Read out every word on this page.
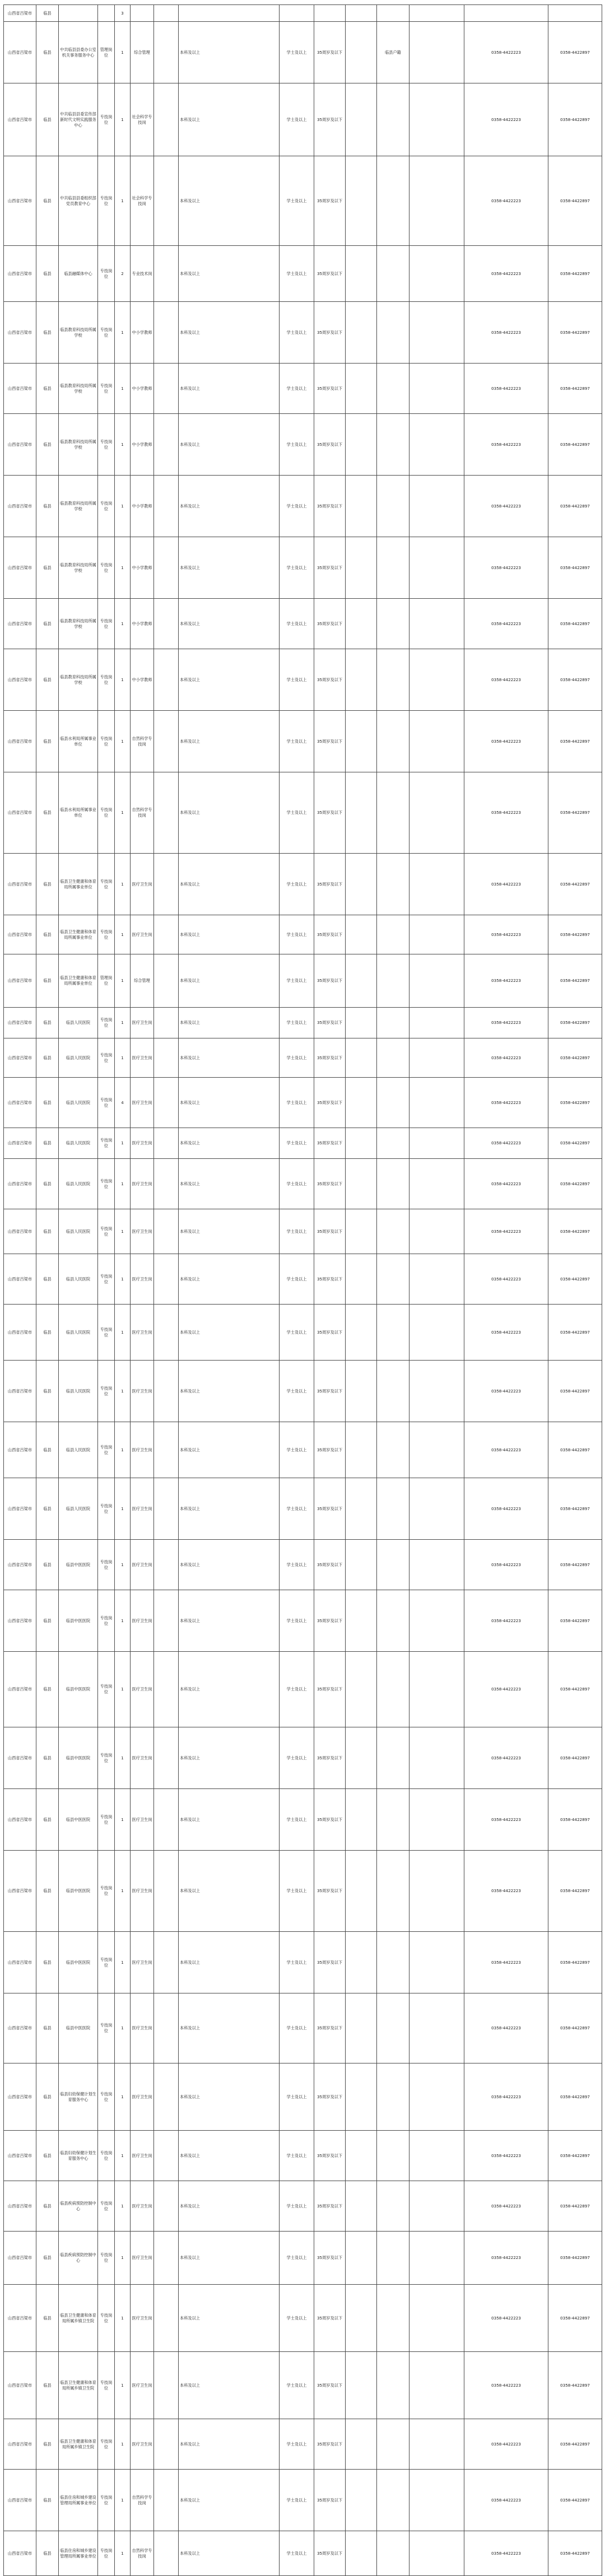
山西省吕梁市	临县			3										
山西省吕梁市	临县	中共临县县委办公室机关事务服务中心	管理岗位	1	综合管理		本科及以上	学士及以上	35周岁及以下		临县户籍		0358-4422223	0358-4422897
山西省吕梁市	临县	中共临县县委宣传部新时代文明实践服务中心	专技岗位	1	社会科学专技岗		本科及以上	学士及以上	35周岁及以下				0358-4422223	0358-4422897
山西省吕梁市	临县	中共临县县委组织部党员教育中心	专技岗位	1	社会科学专技岗		本科及以上	学士及以上	35周岁及以下				0358-4422223	0358-4422897
山西省吕梁市	临县	临县融媒体中心	专技岗位	2	专业技术岗		本科及以上	学士及以上	35周岁及以下				0358-4422223	0358-4422897
山西省吕梁市	临县	临县教育科技局所属学校	专技岗位	1	中小学教师		本科及以上	学士及以上	35周岁及以下				0358-4422223	0358-4422897
山西省吕梁市	临县	临县教育科技局所属学校	专技岗位	1	中小学教师		本科及以上	学士及以上	35周岁及以下				0358-4422223	0358-4422897
山西省吕梁市	临县	临县教育科技局所属学校	专技岗位	1	中小学教师		本科及以上	学士及以上	35周岁及以下				0358-4422223	0358-4422897
山西省吕梁市	临县	临县教育科技局所属学校	专技岗位	1	中小学教师		本科及以上	学士及以上	35周岁及以下				0358-4422223	0358-4422897
山西省吕梁市	临县	临县教育科技局所属学校	专技岗位	1	中小学教师		本科及以上	学士及以上	35周岁及以下				0358-4422223	0358-4422897
山西省吕梁市	临县	临县教育科技局所属学校	专技岗位	1	中小学教师		本科及以上	学士及以上	35周岁及以下				0358-4422223	0358-4422897
山西省吕梁市	临县	临县教育科技局所属学校	专技岗位	1	中小学教师		本科及以上	学士及以上	35周岁及以下				0358-4422223	0358-4422897
山西省吕梁市	临县	临县水利局所属事业单位	专技岗位	1	自然科学专技岗		本科及以上	学士及以上	35周岁及以下				0358-4422223	0358-4422897
山西省吕梁市	临县	临县水利局所属事业单位	专技岗位	1	自然科学专技岗		本科及以上	学士及以上	35周岁及以下				0358-4422223	0358-4422897
山西省吕梁市	临县	临县卫生健康和体育局所属事业单位	专技岗位	1	医疗卫生岗		本科及以上	学士及以上	35周岁及以下				0358-4422223	0358-4422897
山西省吕梁市	临县	临县卫生健康和体育局所属事业单位	专技岗位	1	医疗卫生岗		本科及以上	学士及以上	35周岁及以下				0358-4422223	0358-4422897
山西省吕梁市	临县	临县卫生健康和体育局所属事业单位	管理岗位	1	综合管理		本科及以上	学士及以上	35周岁及以下				0358-4422223	0358-4422897
山西省吕梁市	临县	临县人民医院	专技岗位	1	医疗卫生岗		本科及以上	学士及以上	35周岁及以下				0358-4422223	0358-4422897
山西省吕梁市	临县	临县人民医院	专技岗位	1	医疗卫生岗		本科及以上	学士及以上	35周岁及以下				0358-4422223	0358-4422897
山西省吕梁市	临县	临县人民医院	专技岗位	4	医疗卫生岗		本科及以上	学士及以上	35周岁及以下				0358-4422223	0358-4422897
山西省吕梁市	临县	临县人民医院	专技岗位	1	医疗卫生岗		本科及以上	学士及以上	35周岁及以下				0358-4422223	0358-4422897
山西省吕梁市	临县	临县人民医院	专技岗位	1	医疗卫生岗		本科及以上	学士及以上	35周岁及以下				0358-4422223	0358-4422897
山西省吕梁市	临县	临县人民医院	专技岗位	1	医疗卫生岗		本科及以上	学士及以上	35周岁及以下				0358-4422223	0358-4422897
山西省吕梁市	临县	临县人民医院	专技岗位	1	医疗卫生岗		本科及以上	学士及以上	35周岁及以下				0358-4422223	0358-4422897
山西省吕梁市	临县	临县人民医院	专技岗位	1	医疗卫生岗		本科及以上	学士及以上	35周岁及以下				0358-4422223	0358-4422897
山西省吕梁市	临县	临县人民医院	专技岗位	1	医疗卫生岗		本科及以上	学士及以上	35周岁及以下				0358-4422223	0358-4422897
山西省吕梁市	临县	临县人民医院	专技岗位	1	医疗卫生岗		本科及以上	学士及以上	35周岁及以下				0358-4422223	0358-4422897
山西省吕梁市	临县	临县人民医院	专技岗位	1	医疗卫生岗		本科及以上	学士及以上	35周岁及以下				0358-4422223	0358-4422897
山西省吕梁市	临县	临县中医医院	专技岗位	1	医疗卫生岗		本科及以上	学士及以上	35周岁及以下				0358-4422223	0358-4422897
山西省吕梁市	临县	临县中医医院	专技岗位	1	医疗卫生岗		本科及以上	学士及以上	35周岁及以下				0358-4422223	0358-4422897
山西省吕梁市	临县	临县中医医院	专技岗位	1	医疗卫生岗		本科及以上	学士及以上	35周岁及以下				0358-4422223	0358-4422897
山西省吕梁市	临县	临县中医医院	专技岗位	1	医疗卫生岗		本科及以上	学士及以上	35周岁及以下				0358-4422223	0358-4422897
山西省吕梁市	临县	临县中医医院	专技岗位	1	医疗卫生岗		本科及以上	学士及以上	35周岁及以下				0358-4422223	0358-4422897
山西省吕梁市	临县	临县中医医院	专技岗位	1	医疗卫生岗		本科及以上	学士及以上	35周岁及以下				0358-4422223	0358-4422897
山西省吕梁市	临县	临县中医医院	专技岗位	1	医疗卫生岗		本科及以上	学士及以上	35周岁及以下				0358-4422223	0358-4422897
山西省吕梁市	临县	临县中医医院	专技岗位	1	医疗卫生岗		本科及以上	学士及以上	35周岁及以下				0358-4422223	0358-4422897
山西省吕梁市	临县	临县妇幼保健计划生育服务中心	专技岗位	1	医疗卫生岗		本科及以上	学士及以上	35周岁及以下				0358-4422223	0358-4422897
山西省吕梁市	临县	临县妇幼保健计划生育服务中心	专技岗位	1	医疗卫生岗		本科及以上	学士及以上	35周岁及以下				0358-4422223	0358-4422897
山西省吕梁市	临县	临县疾病预防控制中心	专技岗位	1	医疗卫生岗		本科及以上	学士及以上	35周岁及以下				0358-4422223	0358-4422897
山西省吕梁市	临县	临县疾病预防控制中心	专技岗位	1	医疗卫生岗		本科及以上	学士及以上	35周岁及以下				0358-4422223	0358-4422897
山西省吕梁市	临县	临县卫生健康和体育局所属乡镇卫生院	专技岗位	1	医疗卫生岗		本科及以上	学士及以上	35周岁及以下				0358-4422223	0358-4422897
山西省吕梁市	临县	临县卫生健康和体育局所属乡镇卫生院	专技岗位	1	医疗卫生岗		本科及以上	学士及以上	35周岁及以下				0358-4422223	0358-4422897
山西省吕梁市	临县	临县卫生健康和体育局所属乡镇卫生院	专技岗位	1	医疗卫生岗		本科及以上	学士及以上	35周岁及以下				0358-4422223	0358-4422897
山西省吕梁市	临县	临县住房和城乡建设管理局所属事业单位	专技岗位	1	自然科学专技岗		本科及以上	学士及以上	35周岁及以下				0358-4422223	0358-4422897
山西省吕梁市	临县	临县住房和城乡建设管理局所属事业单位	专技岗位	1	自然科学专技岗		本科及以上	学士及以上	35周岁及以下				0358-4422223	0358-4422897
